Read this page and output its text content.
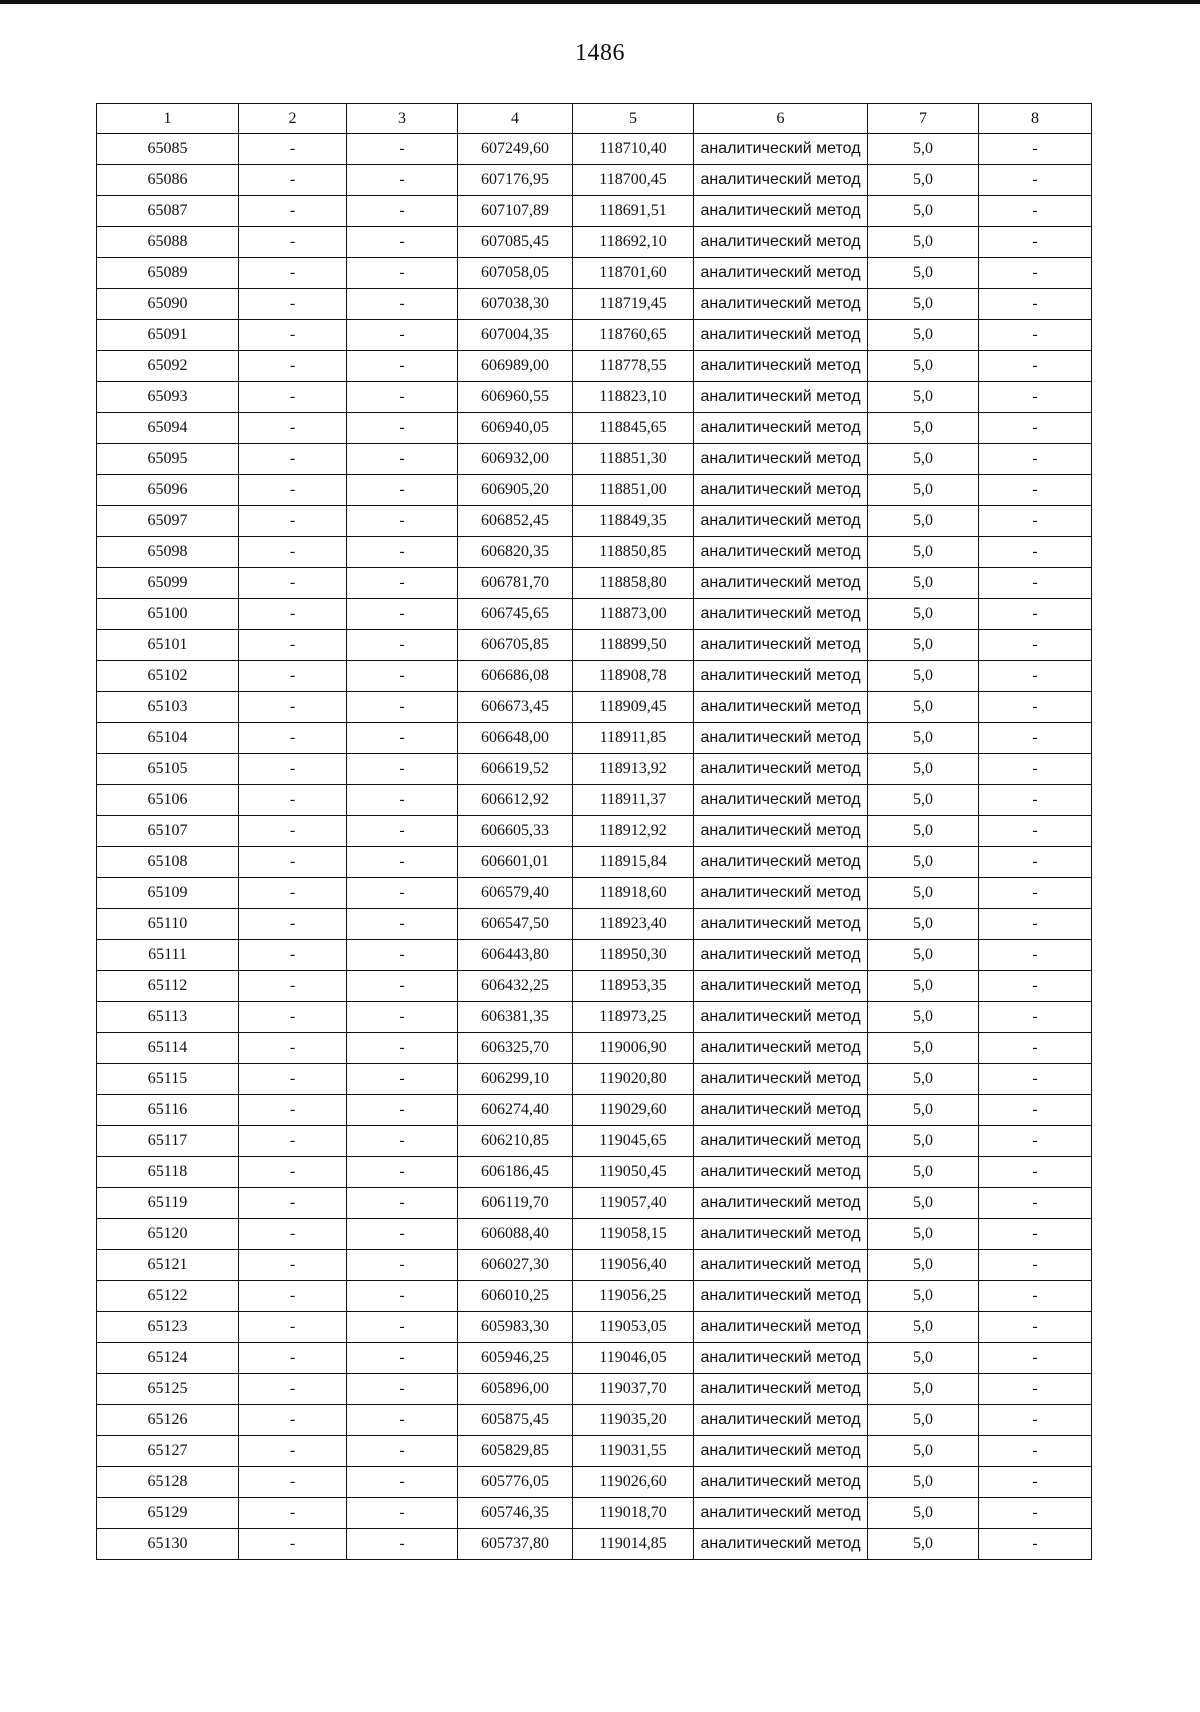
1486
1	2	3	4	5	6	7	8
65085	-	-	607249,60	118710,40	аналитический метод	5,0	-
65086	-	-	607176,95	118700,45	аналитический метод	5,0	-
65087	-	-	607107,89	118691,51	аналитический метод	5,0	-
65088	-	-	607085,45	118692,10	аналитический метод	5,0	-
65089	-	-	607058,05	118701,60	аналитический метод	5,0	-
65090	-	-	607038,30	118719,45	аналитический метод	5,0	-
65091	-	-	607004,35	118760,65	аналитический метод	5,0	-
65092	-	-	606989,00	118778,55	аналитический метод	5,0	-
65093	-	-	606960,55	118823,10	аналитический метод	5,0	-
65094	-	-	606940,05	118845,65	аналитический метод	5,0	-
65095	-	-	606932,00	118851,30	аналитический метод	5,0	-
65096	-	-	606905,20	118851,00	аналитический метод	5,0	-
65097	-	-	606852,45	118849,35	аналитический метод	5,0	-
65098	-	-	606820,35	118850,85	аналитический метод	5,0	-
65099	-	-	606781,70	118858,80	аналитический метод	5,0	-
65100	-	-	606745,65	118873,00	аналитический метод	5,0	-
65101	-	-	606705,85	118899,50	аналитический метод	5,0	-
65102	-	-	606686,08	118908,78	аналитический метод	5,0	-
65103	-	-	606673,45	118909,45	аналитический метод	5,0	-
65104	-	-	606648,00	118911,85	аналитический метод	5,0	-
65105	-	-	606619,52	118913,92	аналитический метод	5,0	-
65106	-	-	606612,92	118911,37	аналитический метод	5,0	-
65107	-	-	606605,33	118912,92	аналитический метод	5,0	-
65108	-	-	606601,01	118915,84	аналитический метод	5,0	-
65109	-	-	606579,40	118918,60	аналитический метод	5,0	-
65110	-	-	606547,50	118923,40	аналитический метод	5,0	-
65111	-	-	606443,80	118950,30	аналитический метод	5,0	-
65112	-	-	606432,25	118953,35	аналитический метод	5,0	-
65113	-	-	606381,35	118973,25	аналитический метод	5,0	-
65114	-	-	606325,70	119006,90	аналитический метод	5,0	-
65115	-	-	606299,10	119020,80	аналитический метод	5,0	-
65116	-	-	606274,40	119029,60	аналитический метод	5,0	-
65117	-	-	606210,85	119045,65	аналитический метод	5,0	-
65118	-	-	606186,45	119050,45	аналитический метод	5,0	-
65119	-	-	606119,70	119057,40	аналитический метод	5,0	-
65120	-	-	606088,40	119058,15	аналитический метод	5,0	-
65121	-	-	606027,30	119056,40	аналитический метод	5,0	-
65122	-	-	606010,25	119056,25	аналитический метод	5,0	-
65123	-	-	605983,30	119053,05	аналитический метод	5,0	-
65124	-	-	605946,25	119046,05	аналитический метод	5,0	-
65125	-	-	605896,00	119037,70	аналитический метод	5,0	-
65126	-	-	605875,45	119035,20	аналитический метод	5,0	-
65127	-	-	605829,85	119031,55	аналитический метод	5,0	-
65128	-	-	605776,05	119026,60	аналитический метод	5,0	-
65129	-	-	605746,35	119018,70	аналитический метод	5,0	-
65130	-	-	605737,80	119014,85	аналитический метод	5,0	-
